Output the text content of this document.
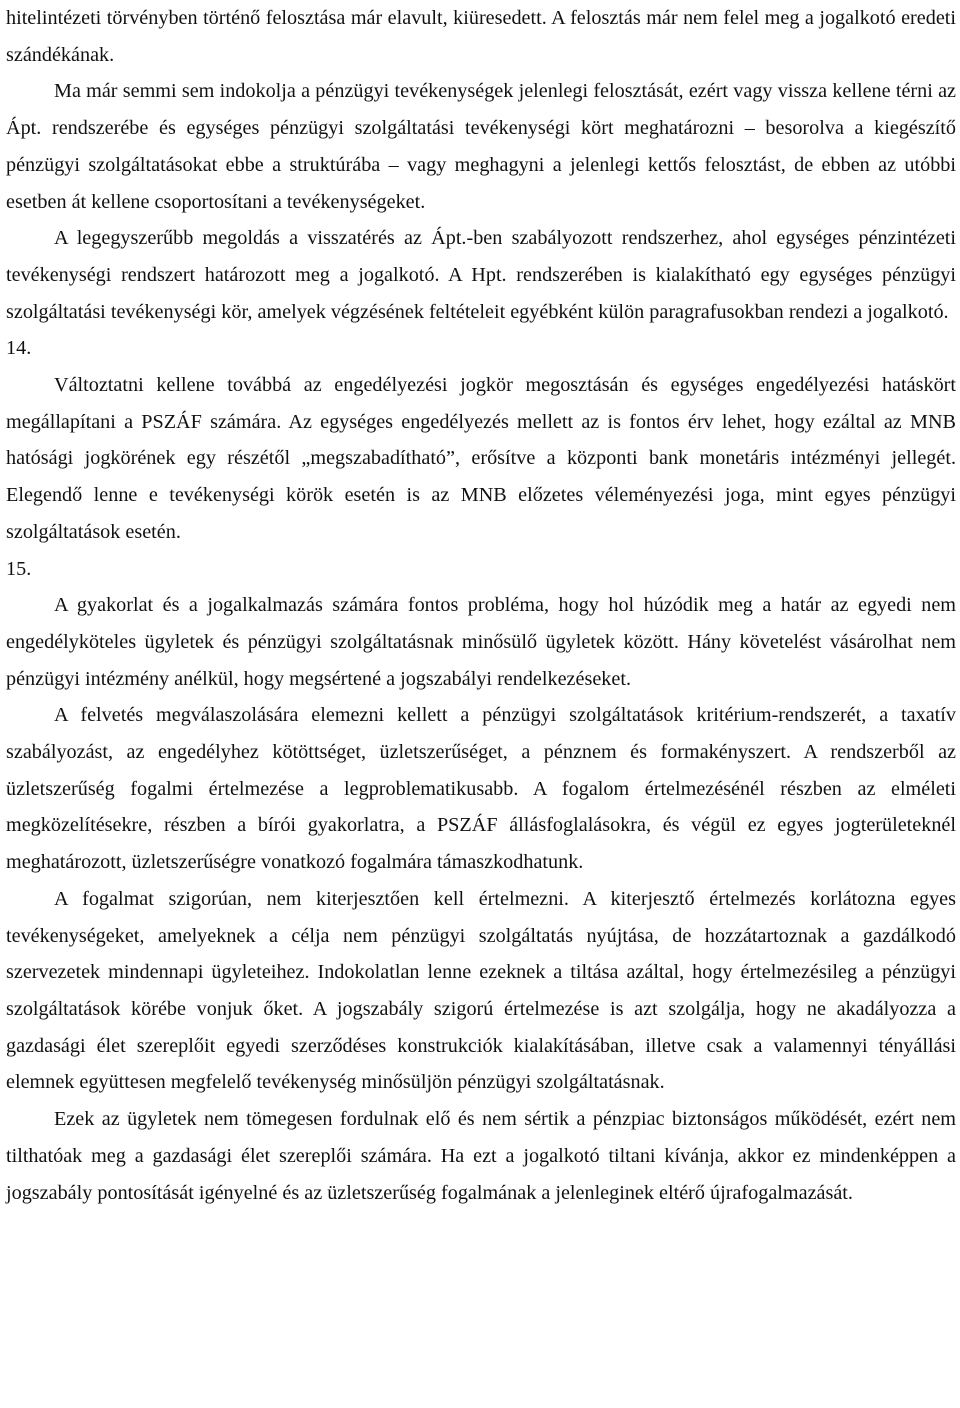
hitelintézeti törvényben történő felosztása már elavult, kiüresedett. A felosztás már nem felel meg a jogalkotó eredeti szándékának.

Ma már semmi sem indokolja a pénzügyi tevékenységek jelenlegi felosztását, ezért vagy vissza kellene térni az Ápt. rendszerébe és egységes pénzügyi szolgáltatási tevékenységi kört meghatározni – besorolva a kiegészítő pénzügyi szolgáltatásokat ebbe a struktúrába – vagy meghagyni a jelenlegi kettős felosztást, de ebben az utóbbi esetben át kellene csoportosítani a tevékenységeket.

A legegyszerűbb megoldás a visszatérés az Ápt.-ben szabályozott rendszerhez, ahol egységes pénzintézeti tevékenységi rendszert határozott meg a jogalkotó. A Hpt. rendszerében is kialakítható egy egységes pénzügyi szolgáltatási tevékenységi kör, amelyek végzésének feltételeit egyébként külön paragrafusokban rendezi a jogalkotó.

14.

Változtatni kellene továbbá az engedélyezési jogkör megosztásán és egységes engedélyezési hatáskört megállapítani a PSZÁF számára. Az egységes engedélyezés mellett az is fontos érv lehet, hogy ezáltal az MNB hatósági jogkörének egy részétől „megszabadítható”, erősítve a központi bank monetáris intézményi jellegét. Elegendő lenne e tevékenységi körök esetén is az MNB előzetes véleményezési joga, mint egyes pénzügyi szolgáltatások esetén.

15.

A gyakorlat és a jogalkalmazás számára fontos probléma, hogy hol húzódik meg a határ az egyedi nem engedélyköteles ügyletek és pénzügyi szolgáltatásnak minősülő ügyletek között. Hány követelést vásárolhat nem pénzügyi intézmény anélkül, hogy megsértené a jogszabályi rendelkezéseket.

A felvetés megválaszolására elemezni kellett a pénzügyi szolgáltatások kritérium-rendszerét, a taxatív szabályozást, az engedélyhez kötöttséget, üzletszerűséget, a pénznem és formakényszert. A rendszerből az üzletszerűség fogalmi értelmezése a legproblematikusabb. A fogalom értelmezésénél részben az elméleti megközelítésekre, részben a bírói gyakorlatra, a PSZÁF állásfoglalásokra, és végül ez egyes jogterületeknél meghatározott, üzletszerűségre vonatkozó fogalmára támaszkodhatunk.

A fogalmat szigorúan, nem kiterjesztően kell értelmezni. A kiterjesztő értelmezés korlátozna egyes tevékenységeket, amelyeknek a célja nem pénzügyi szolgáltatás nyújtása, de hozzátartoznak a gazdálkodó szervezetek mindennapi ügyleteihez. Indokolatlan lenne ezeknek a tiltása azáltal, hogy értelmezésileg a pénzügyi szolgáltatások körébe vonjuk őket. A jogszabály szigorú értelmezése is azt szolgálja, hogy ne akadályozza a gazdasági élet szereplőit egyedi szerződéses konstrukciók kialakításában, illetve csak a valamennyi tényállási elemnek együttesen megfelelő tevékenység minősüljön pénzügyi szolgáltatásnak.

Ezek az ügyletek nem tömegesen fordulnak elő és nem sértik a pénzpiac biztonságos működését, ezért nem tilthatóak meg a gazdasági élet szereplői számára. Ha ezt a jogalkotó tiltani kívánja, akkor ez mindenképpen a jogszabály pontosítását igényelné és az üzletszerűség fogalmának a jelenleginek eltérő újrafogalmazását.
